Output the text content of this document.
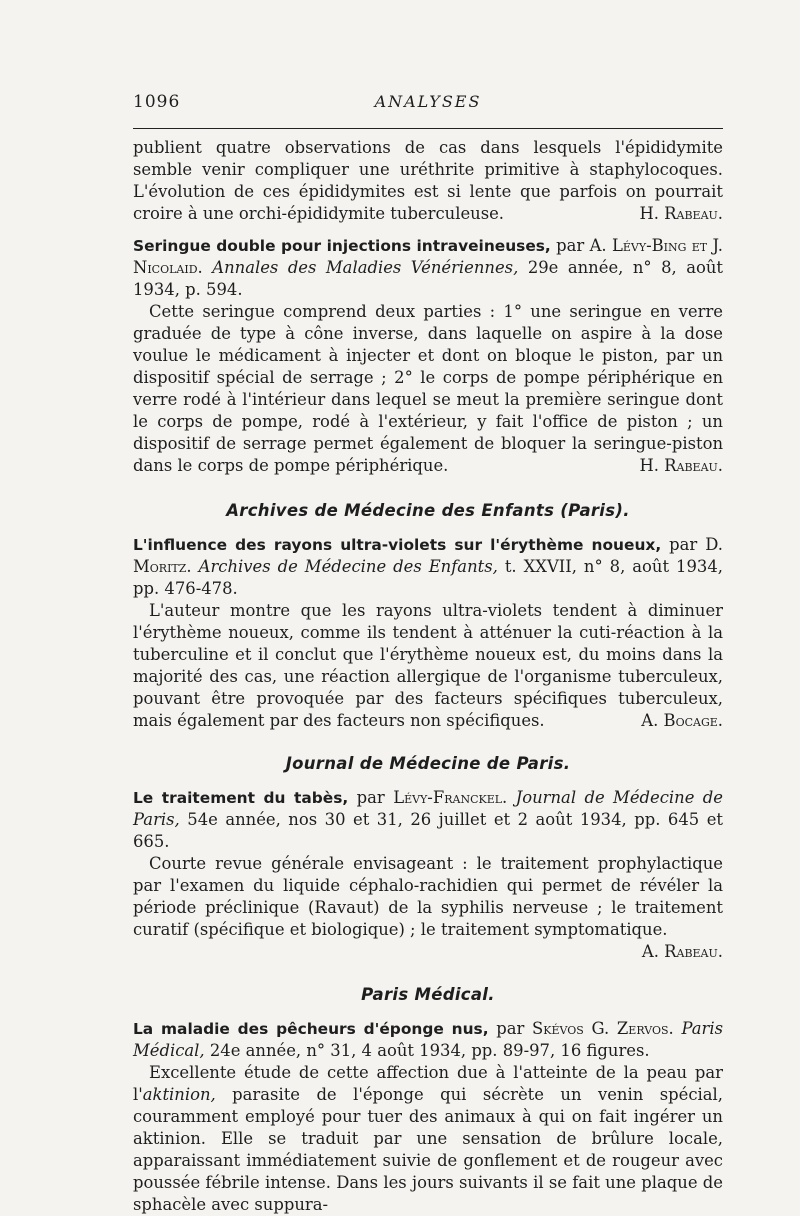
1096	ANALYSES

publient quatre observations de cas dans lesquels l'épididymite semble venir compliquer une uréthrite primitive à staphylocoques. L'évolution de ces épididymites est si lente que parfois on pourrait croire à une orchi-épididymite tuberculeuse.	H. Rabeau.

Seringue double pour injections intraveineuses, par A. Lévy-Bing et J. Nicolaid. Annales des Maladies Vénériennes, 29e année, n° 8, août 1934, p. 594.

Cette seringue comprend deux parties : 1° une seringue en verre graduée de type à cône inverse, dans laquelle on aspire à la dose voulue le médicament à injecter et dont on bloque le piston, par un dispositif spécial de serrage ; 2° le corps de pompe périphérique en verre rodé à l'intérieur dans lequel se meut la première seringue dont le corps de pompe, rodé à l'extérieur, y fait l'office de piston ; un dispositif de serrage permet également de bloquer la seringue-piston dans le corps de pompe périphérique.	H. Rabeau.

Archives de Médecine des Enfants (Paris).

L'influence des rayons ultra-violets sur l'érythème noueux, par D. Moritz. Archives de Médecine des Enfants, t. XXVII, n° 8, août 1934, pp. 476-478.

L'auteur montre que les rayons ultra-violets tendent à diminuer l'érythème noueux, comme ils tendent à atténuer la cuti-réaction à la tuberculine et il conclut que l'érythème noueux est, du moins dans la majorité des cas, une réaction allergique de l'organisme tuberculeux, pouvant être provoquée par des facteurs spécifiques tuberculeux, mais également par des facteurs non spécifiques.	A. Bocage.

Journal de Médecine de Paris.

Le traitement du tabès, par Lévy-Franckel. Journal de Médecine de Paris, 54e année, nos 30 et 31, 26 juillet et 2 août 1934, pp. 645 et 665.

Courte revue générale envisageant : le traitement prophylactique par l'examen du liquide céphalo-rachidien qui permet de révéler la période préclinique (Ravaut) de la syphilis nerveuse ; le traitement curatif (spécifique et biologique) ; le traitement symptomatique.
A. Rabeau.

Paris Médical.

La maladie des pêcheurs d'éponge nus, par Skévos G. Zervos. Paris Médical, 24e année, n° 31, 4 août 1934, pp. 89-97, 16 figures.

Excellente étude de cette affection due à l'atteinte de la peau par l'aktinion, parasite de l'éponge qui sécrète un venin spécial, couramment employé pour tuer des animaux à qui on fait ingérer un aktinion. Elle se traduit par une sensation de brûlure locale, apparaissant immédiatement suivie de gonflement et de rougeur avec poussée fébrile intense. Dans les jours suivants il se fait une plaque de sphacèle avec suppura-
